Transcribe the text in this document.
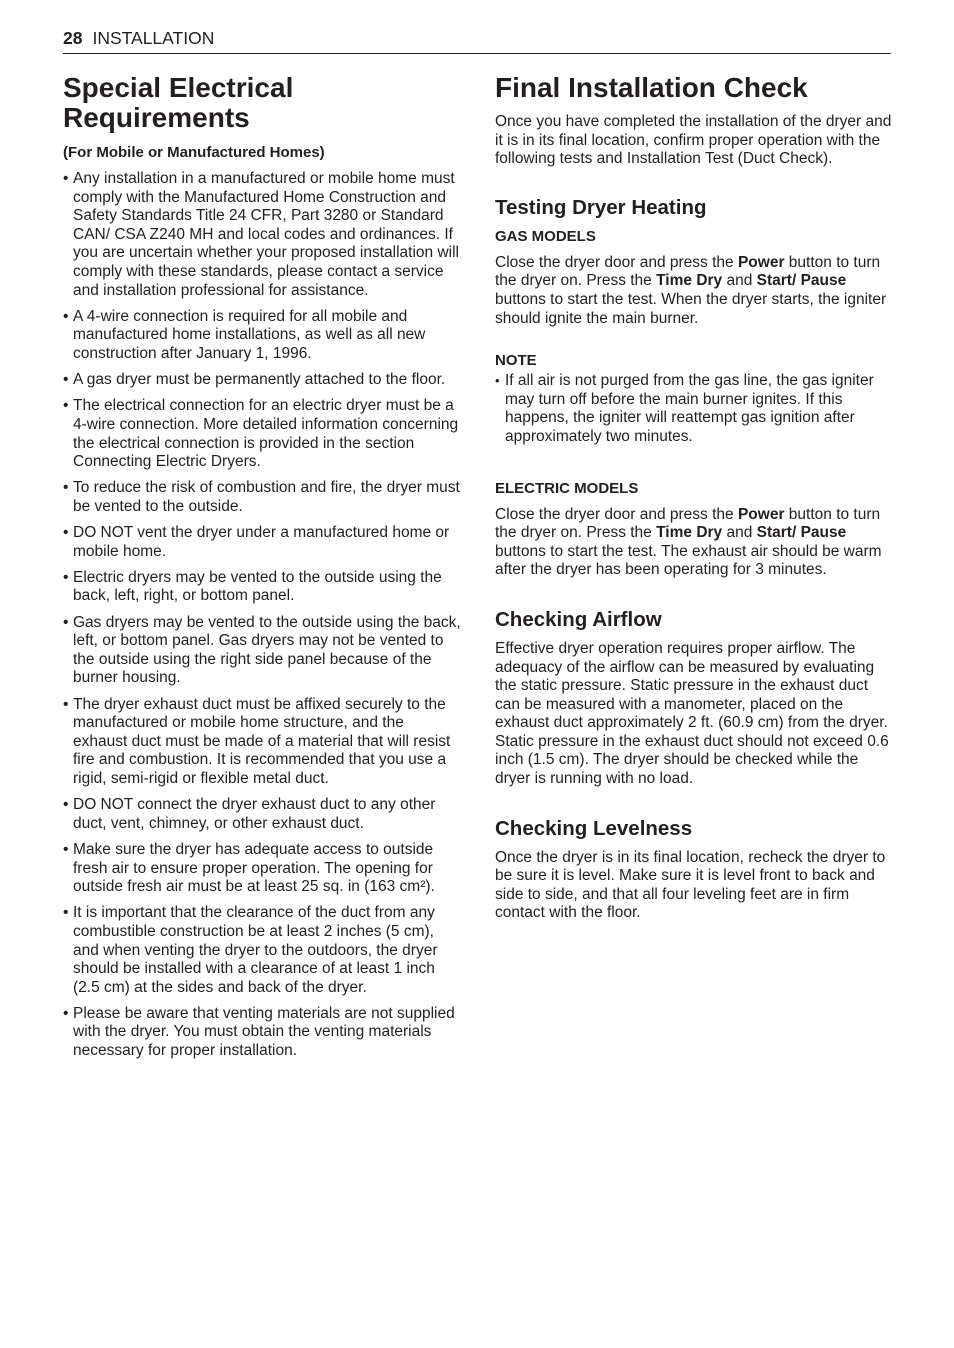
28 INSTALLATION
Special Electrical Requirements
(For Mobile or Manufactured Homes)
• Any installation in a manufactured or mobile home must comply with the Manufactured Home Construction and Safety Standards Title 24 CFR, Part 3280 or Standard CAN/ CSA Z240 MH and local codes and ordinances. If you are uncertain whether your proposed installation will comply with these standards, please contact a service and installation professional for assistance.
• A 4-wire connection is required for all mobile and manufactured home installations, as well as all new construction after January 1, 1996.
• A gas dryer must be permanently attached to the floor.
• The electrical connection for an electric dryer must be a 4-wire connection. More detailed information concerning the electrical connection is provided in the section Connecting Electric Dryers.
• To reduce the risk of combustion and fire, the dryer must be vented to the outside.
• DO NOT vent the dryer under a manufactured home or mobile home.
• Electric dryers may be vented to the outside using the back, left, right, or bottom panel.
• Gas dryers may be vented to the outside using the back, left, or bottom panel. Gas dryers may not be vented to the outside using the right side panel because of the burner housing.
• The dryer exhaust duct must be affixed securely to the manufactured or mobile home structure, and the exhaust duct must be made of a material that will resist fire and combustion. It is recommended that you use a rigid, semi-rigid or flexible metal duct.
• DO NOT connect the dryer exhaust duct to any other duct, vent, chimney, or other exhaust duct.
• Make sure the dryer has adequate access to outside fresh air to ensure proper operation. The opening for outside fresh air must be at least 25 sq. in (163 cm²).
• It is important that the clearance of the duct from any combustible construction be at least 2 inches (5 cm), and when venting the dryer to the outdoors, the dryer should be installed with a clearance of at least 1 inch (2.5 cm) at the sides and back of the dryer.
• Please be aware that venting materials are not supplied with the dryer. You must obtain the venting materials necessary for proper installation.
Final Installation Check

Once you have completed the installation of the dryer and it is in its final location, confirm proper operation with the following tests and Installation Test (Duct Check).

Testing Dryer Heating
GAS MODELS

Close the dryer door and press the Power button to turn the dryer on. Press the Time Dry and Start/ Pause buttons to start the test. When the dryer starts, the igniter should ignite the main burner.

NOTE
• If all air is not purged from the gas line, the gas igniter may turn off before the main burner ignites. If this happens, the igniter will reattempt gas ignition after approximately two minutes.
ELECTRIC MODELS

Close the dryer door and press the Power button to turn the dryer on. Press the Time Dry and Start/ Pause buttons to start the test. The exhaust air should be warm after the dryer has been operating for 3 minutes.

Checking Airflow

Effective dryer operation requires proper airflow. The adequacy of the airflow can be measured by evaluating the static pressure. Static pressure in the exhaust duct can be measured with a manometer, placed on the exhaust duct approximately 2 ft. (60.9 cm) from the dryer. Static pressure in the exhaust duct should not exceed 0.6 inch (1.5 cm). The dryer should be checked while the dryer is running with no load.

Checking Levelness

Once the dryer is in its final location, recheck the dryer to be sure it is level. Make sure it is level front to back and side to side, and that all four leveling feet are in firm contact with the floor.
